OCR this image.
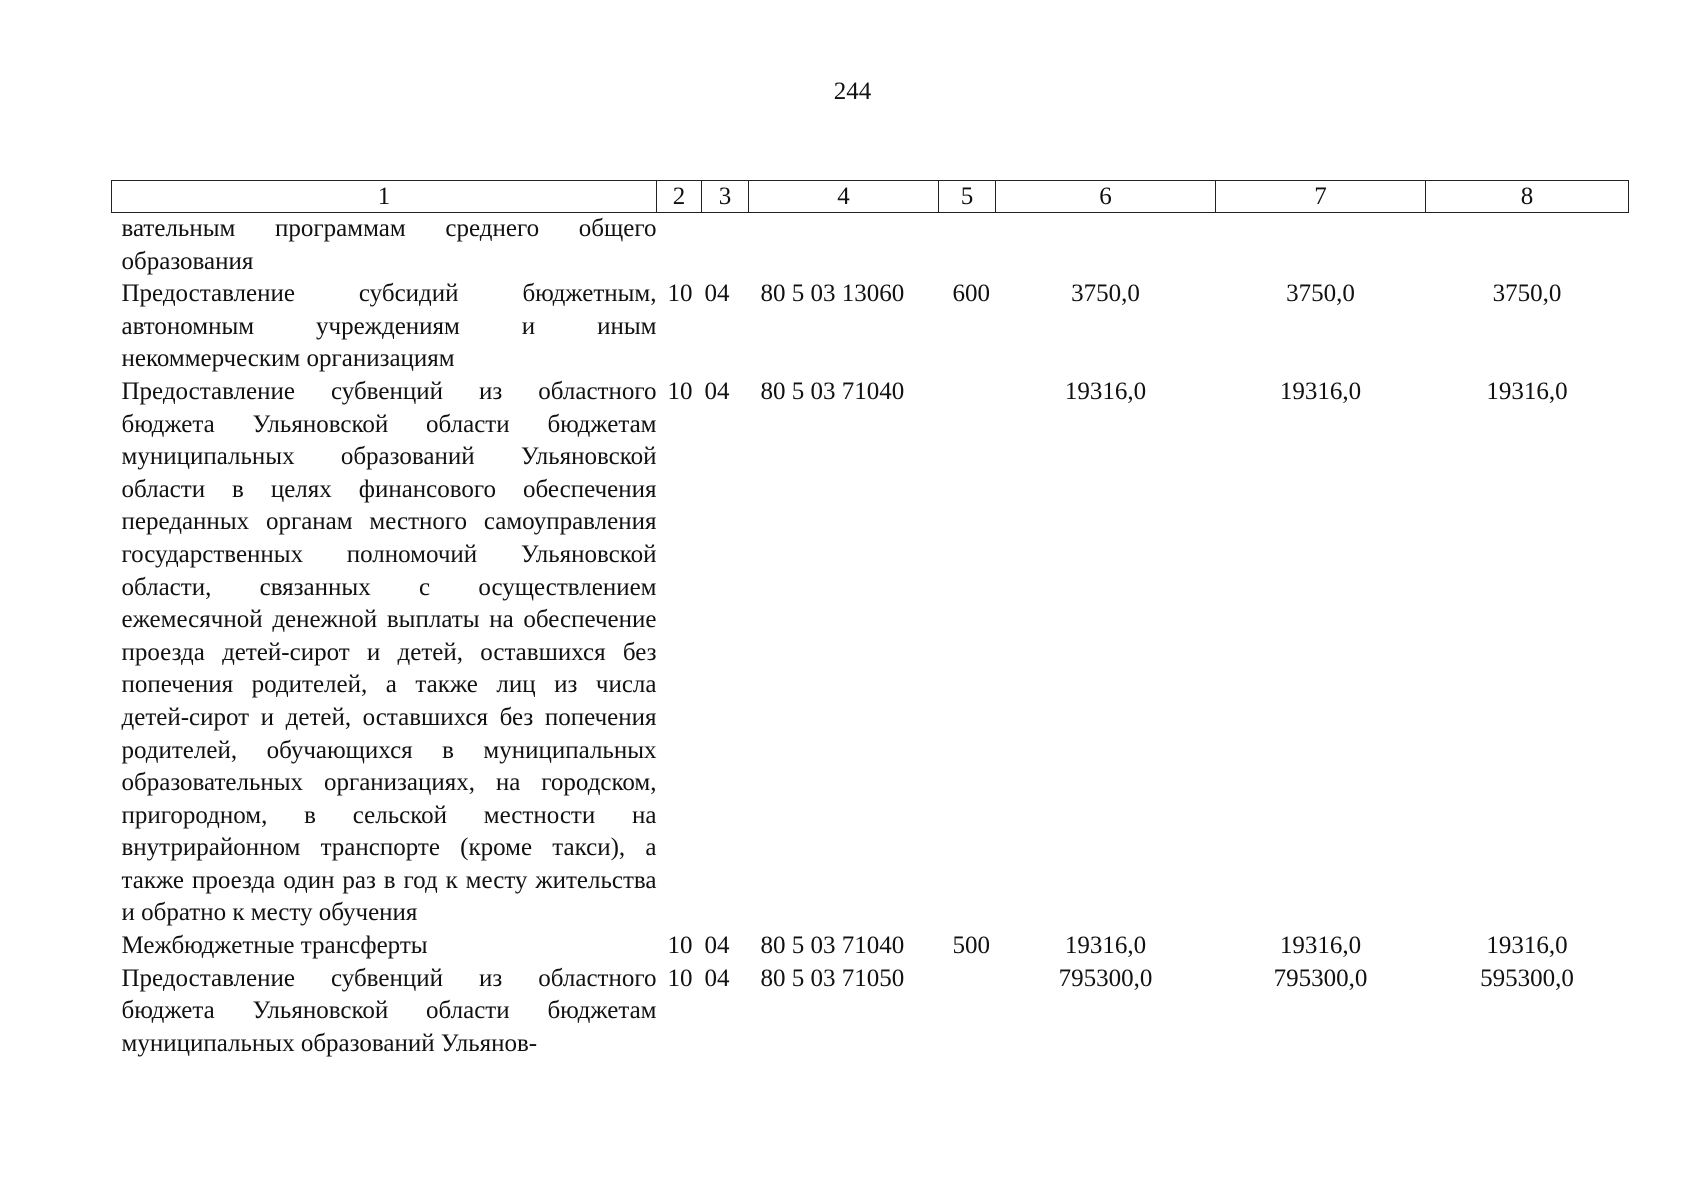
244
1	2	3	4	5	6	7	8
вательным программам среднего общего образования							
Предоставление субсидий бюджетным, автономным учреждениям и иным некоммерческим организациям	10	04	80 5 03 13060	600	3750,0	3750,0	3750,0
Предоставление субвенций из областного бюджета Ульяновской области бюджетам муниципальных образований Ульяновской области в целях финансового обеспечения переданных органам местного самоуправления государственных полномочий Ульяновской области, связанных с осуществлением ежемесячной денежной выплаты на обеспечение проезда детей-сирот и детей, оставшихся без попечения родителей, а также лиц из числа детей-сирот и детей, оставшихся без попечения родителей, обучающихся в муниципальных образовательных организациях, на городском, пригородном, в сельской местности на внутрирайонном транспорте (кроме такси), а также проезда один раз в год к месту жительства и обратно к месту обучения	10	04	80 5 03 71040		19316,0	19316,0	19316,0
Межбюджетные трансферты	10	04	80 5 03 71040	500	19316,0	19316,0	19316,0
Предоставление субвенций из областного бюджета Ульяновской области бюджетам муниципальных образований Ульянов-	10	04	80 5 03 71050		795300,0	795300,0	595300,0
